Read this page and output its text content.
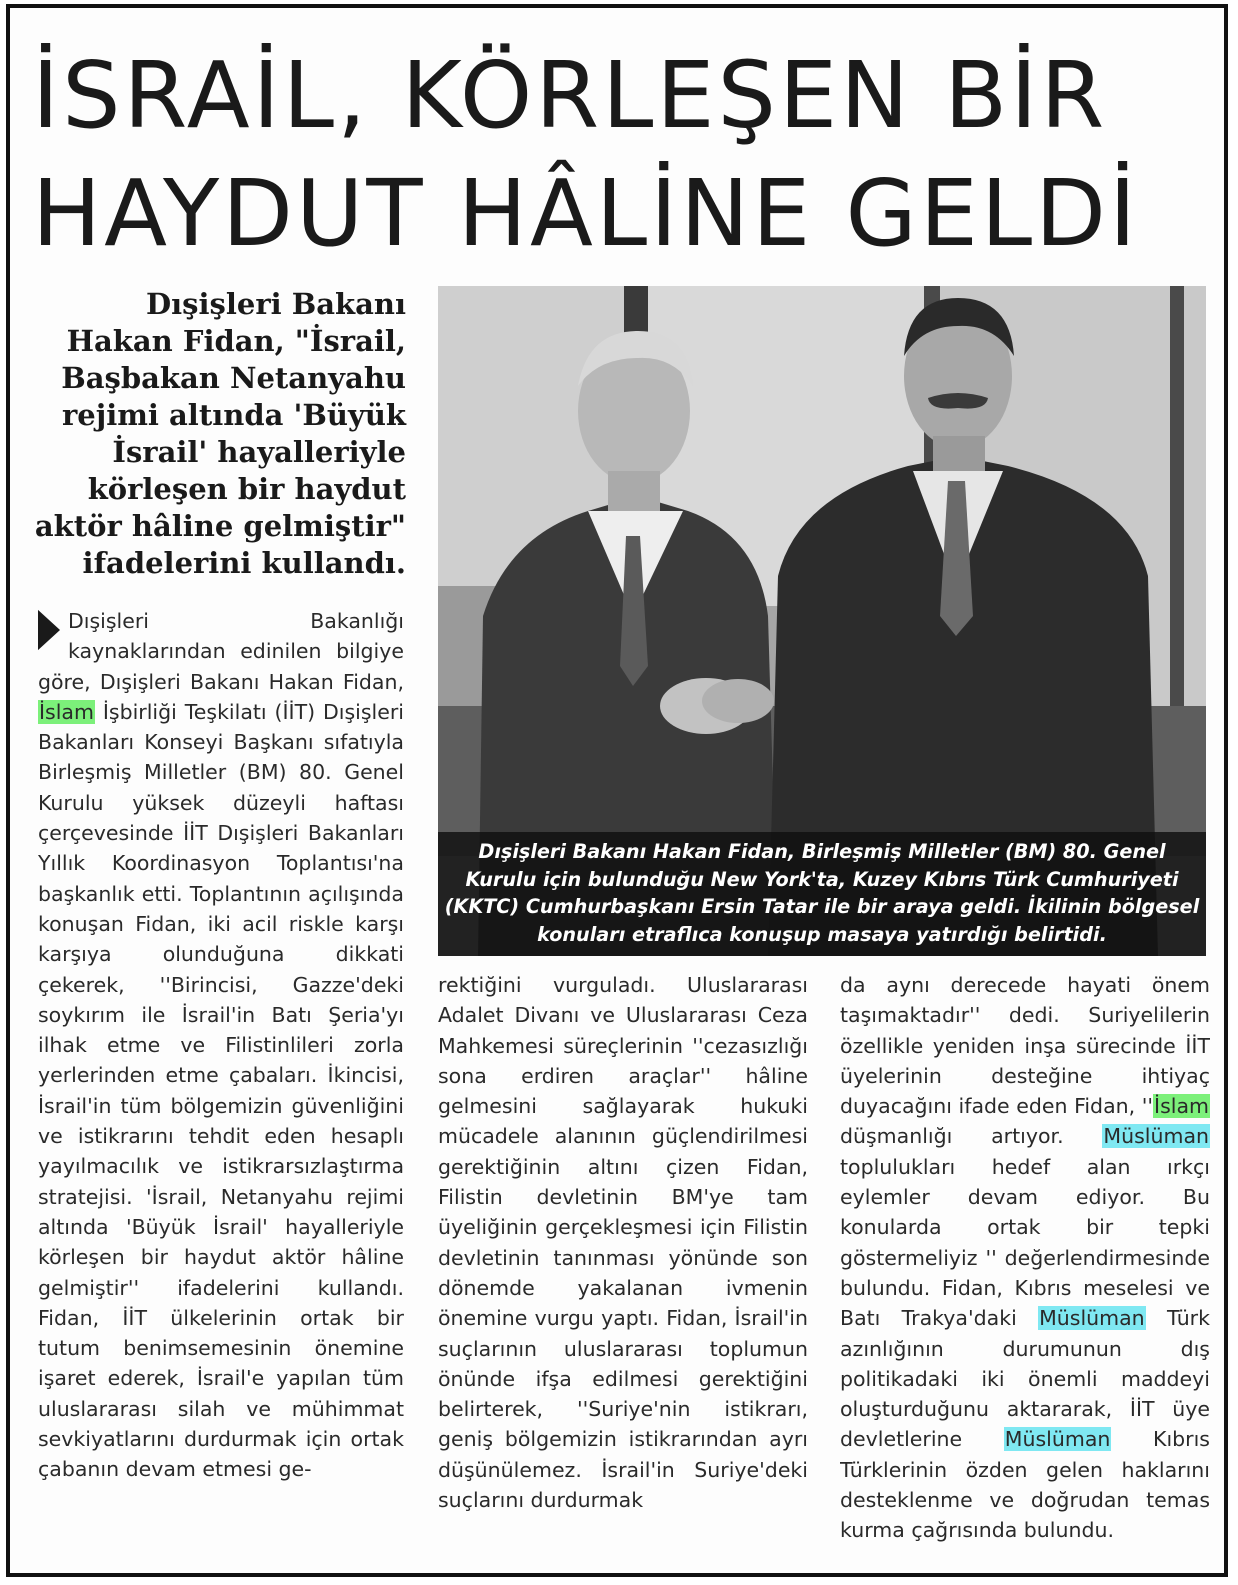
İSRAİL, KÖRLEŞEN BİR
HAYDUT HÂLİNE GELDİ

Dışişleri Bakanı Hakan Fidan, "İsrail, Başbakan Netanyahu rejimi altında 'Büyük İsrail' hayalleriyle körleşen bir haydut aktör hâline gelmiştir" ifadelerini kullandı.

Dışişleri Bakanı Hakan Fidan, Birleşmiş Milletler (BM) 80. Genel Kurulu için bulunduğu New York'ta, Kuzey Kıbrıs Türk Cumhuriyeti (KKTC) Cumhurbaşkanı Ersin Tatar ile bir araya geldi. İkilinin bölgesel konuları etraflıca konuşup masaya yatırdığı belirtidi.

Dışişleri Bakanlığı kaynaklarından edinilen bilgiye göre, Dışişleri Bakanı Hakan Fidan, İslam İşbirliği Teşkilatı (İİT) Dışişleri Bakanları Konseyi Başkanı sıfatıyla Birleşmiş Milletler (BM) 80. Genel Kurulu yüksek düzeyli haftası çerçevesinde İİT Dışişleri Bakanları Yıllık Koordinasyon Toplantısı'na başkanlık etti. Toplantının açılışında konuşan Fidan, iki acil riskle karşı karşıya olunduğuna dikkati çekerek, ''Birincisi, Gazze'deki soykırım ile İsrail'in Batı Şeria'yı ilhak etme ve Filistinlileri zorla yerlerinden etme çabaları. İkincisi, İsrail'in tüm bölgemizin güvenliğini ve istikrarını tehdit eden hesaplı yayılmacılık ve istikrarsızlaştırma stratejisi. 'İsrail, Netanyahu rejimi altında 'Büyük İsrail' hayalleriyle körleşen bir haydut aktör hâline gelmiştir'' ifadelerini kullandı. Fidan, İİT ülkelerinin ortak bir tutum benimsemesinin önemine işaret ederek, İsrail'e yapılan tüm uluslararası silah ve mühimmat sevkiyatlarını durdurmak için ortak çabanın devam etmesi ge-

rektiğini vurguladı. Uluslararası Adalet Divanı ve Uluslararası Ceza Mahkemesi süreçlerinin ''cezasızlığı sona erdiren araçlar'' hâline gelmesini sağlayarak hukuki mücadele alanının güçlendirilmesi gerektiğinin altını çizen Fidan, Filistin devletinin BM'ye tam üyeliğinin gerçekleşmesi için Filistin devletinin tanınması yönünde son dönemde yakalanan ivmenin önemine vurgu yaptı. Fidan, İsrail'in suçlarının uluslararası toplumun önünde ifşa edilmesi gerektiğini belirterek, ''Suriye'nin istikrarı, geniş bölgemizin istikrarından ayrı düşünülemez. İsrail'in Suriye'deki suçlarını durdurmak

da aynı derecede hayati önem taşımaktadır'' dedi. Suriyelilerin özellikle yeniden inşa sürecinde İİT üyelerinin desteğine ihtiyaç duyacağını ifade eden Fidan, ''İslam düşmanlığı artıyor. Müslüman toplulukları hedef alan ırkçı eylemler devam ediyor. Bu konularda ortak bir tepki göstermeliyiz '' değerlendirmesinde bulundu. Fidan, Kıbrıs meselesi ve Batı Trakya'daki Müslüman Türk azınlığının durumunun dış politikadaki iki önemli maddeyi oluşturduğunu aktararak, İİT üye devletlerine Müslüman Kıbrıs Türklerinin özden gelen haklarını desteklenme ve doğrudan temas kurma çağrısında bulundu.
